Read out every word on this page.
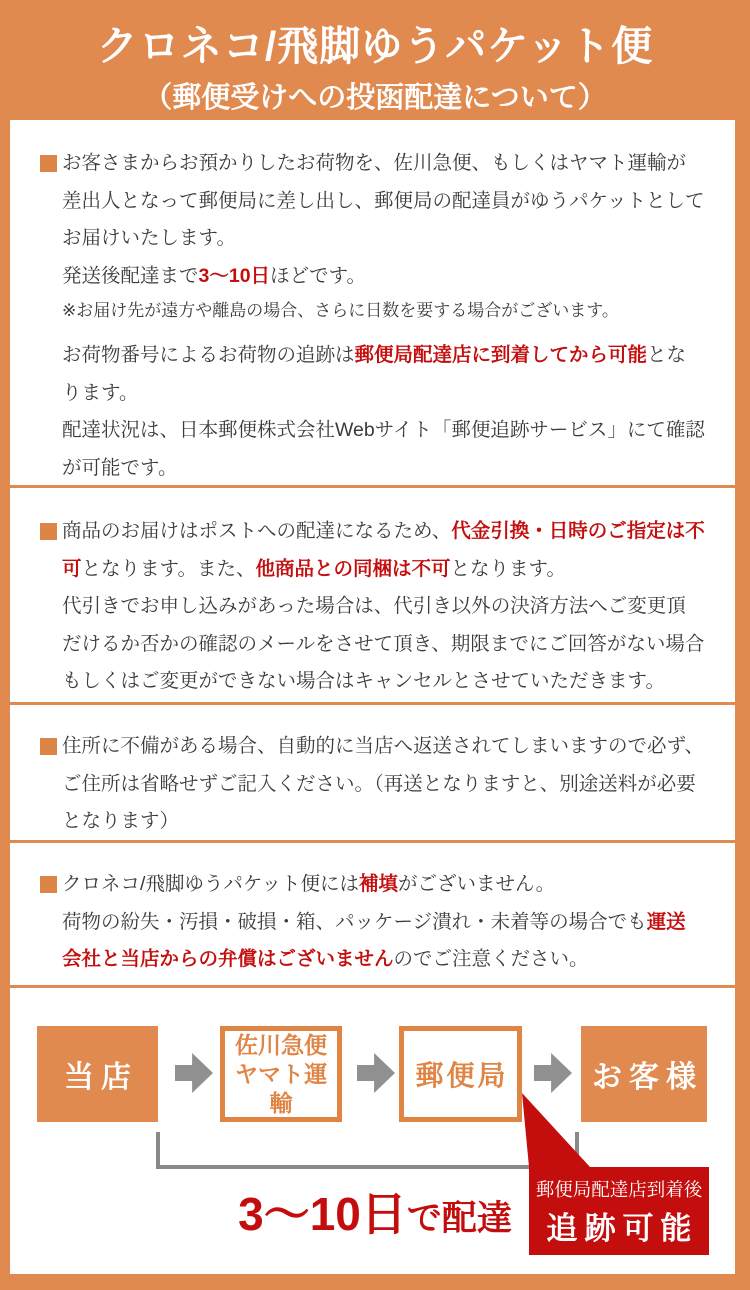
クロネコ/飛脚ゆうパケット便
（郵便受けへの投函配達について）

お客さまからお預かりしたお荷物を、佐川急便、もしくはヤマト運輸が差出人となって郵便局に差し出し、郵便局の配達員がゆうパケットとしてお届けいたします。

発送後配達まで3〜10日ほどです。

※お届け先が遠方や離島の場合、さらに日数を要する場合がございます。

お荷物番号によるお荷物の追跡は郵便局配達店に到着してから可能となります。

配達状況は、日本郵便株式会社Webサイト「郵便追跡サービス」にて確認が可能です。

商品のお届けはポストへの配達になるため、代金引換・日時のご指定は不可となります。また、他商品との同梱は不可となります。

代引きでお申し込みがあった場合は、代引き以外の決済方法へご変更頂だけるか否かの確認のメールをさせて頂き、期限までにご回答がない場合もしくはご変更ができない場合はキャンセルとさせていただきます。

住所に不備がある場合、自動的に当店へ返送されてしまいますので必ず、ご住所は省略せずご記入ください。（再送となりますと、別途送料が必要となります）

クロネコ/飛脚ゆうパケット便には補填がございません。

荷物の紛失・汚損・破損・箱、パッケージ潰れ・未着等の場合でも運送会社と当店からの弁償はございませんのでご注意ください。

当店
佐川急便
ヤマト運輸
郵便局	お客様
3〜10日で配達
郵便局配達店到着後
追跡可能
